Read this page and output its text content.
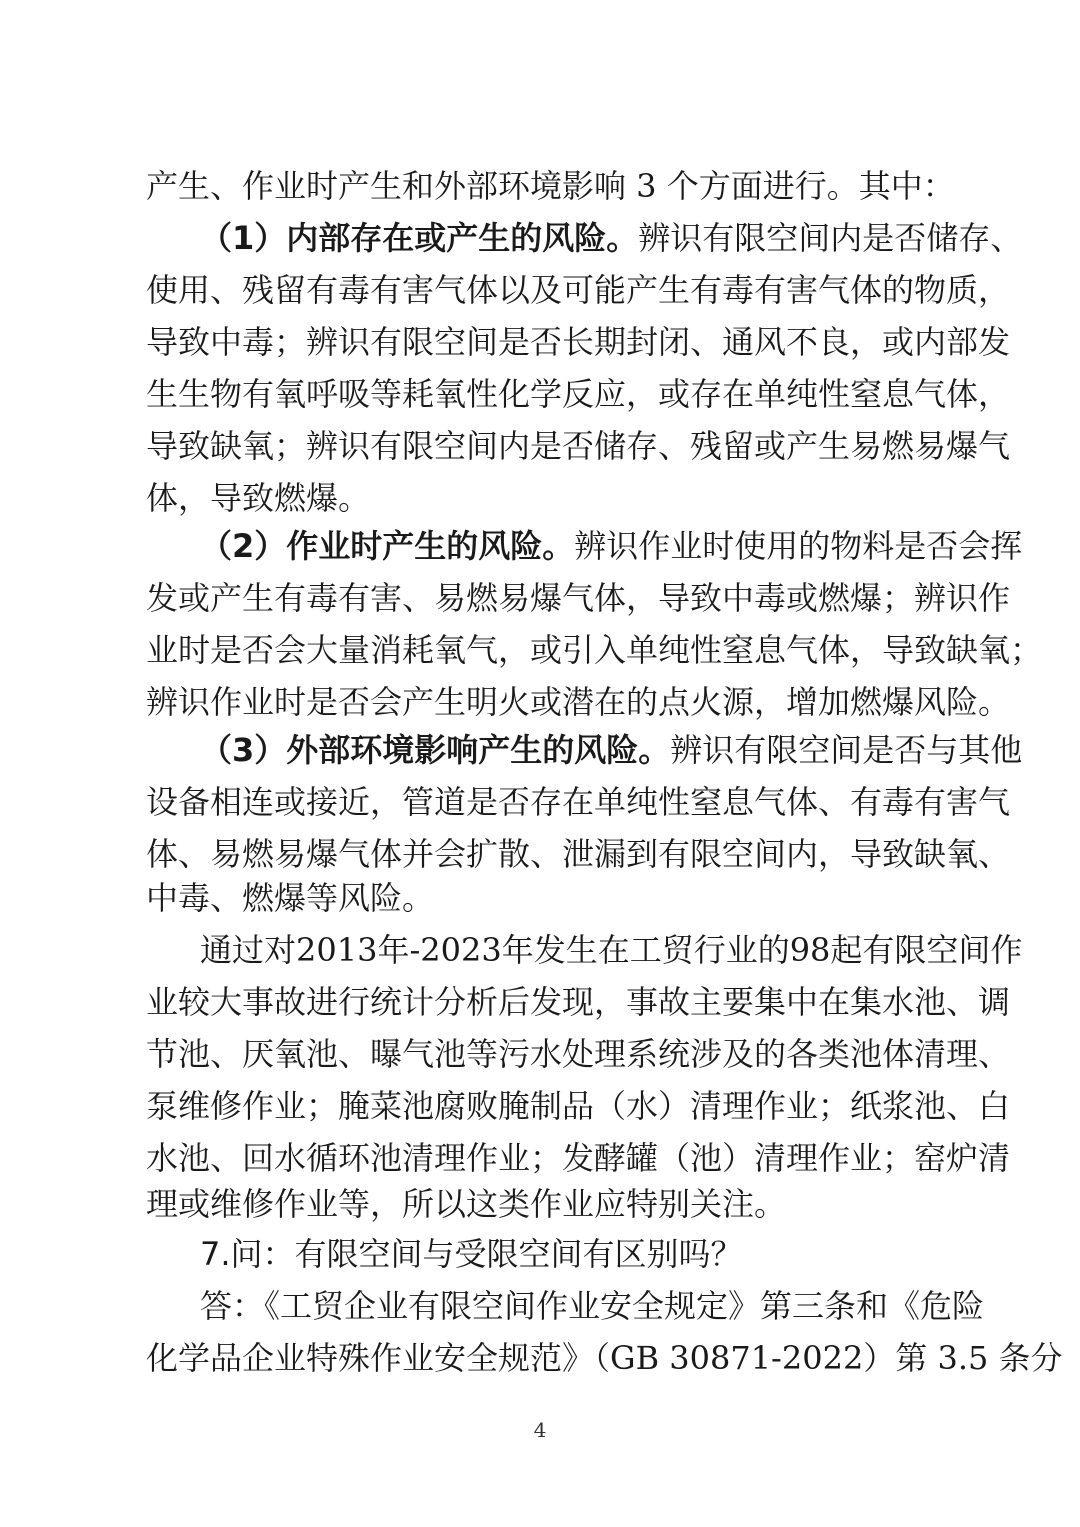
产生、作业时产生和外部环境影响 3 个方面进行。其中：
（1）内部存在或产生的风险。辨识有限空间内是否储存、
使用、残留有毒有害气体以及可能产生有毒有害气体的物质，
导致中毒；辨识有限空间是否长期封闭、通风不良，或内部发
生生物有氧呼吸等耗氧性化学反应，或存在单纯性窒息气体，
导致缺氧；辨识有限空间内是否储存、残留或产生易燃易爆气
体，导致燃爆。
（2）作业时产生的风险。辨识作业时使用的物料是否会挥
发或产生有毒有害、易燃易爆气体，导致中毒或燃爆；辨识作
业时是否会大量消耗氧气，或引入单纯性窒息气体，导致缺氧；
辨识作业时是否会产生明火或潜在的点火源，增加燃爆风险。
（3）外部环境影响产生的风险。辨识有限空间是否与其他
设备相连或接近，管道是否存在单纯性窒息气体、有毒有害气
体、易燃易爆气体并会扩散、泄漏到有限空间内，导致缺氧、
中毒、燃爆等风险。
通过对2013年-2023年发生在工贸行业的98起有限空间作
业较大事故进行统计分析后发现，事故主要集中在集水池、调
节池、厌氧池、曝气池等污水处理系统涉及的各类池体清理、
泵维修作业；腌菜池腐败腌制品（水）清理作业；纸浆池、白
水池、回水循环池清理作业；发酵罐（池）清理作业；窑炉清
理或维修作业等，所以这类作业应特别关注。
7.问：有限空间与受限空间有区别吗？
答：《工贸企业有限空间作业安全规定》第三条和《危险
化学品企业特殊作业安全规范》（GB 30871-2022）第 3.5 条分
4
